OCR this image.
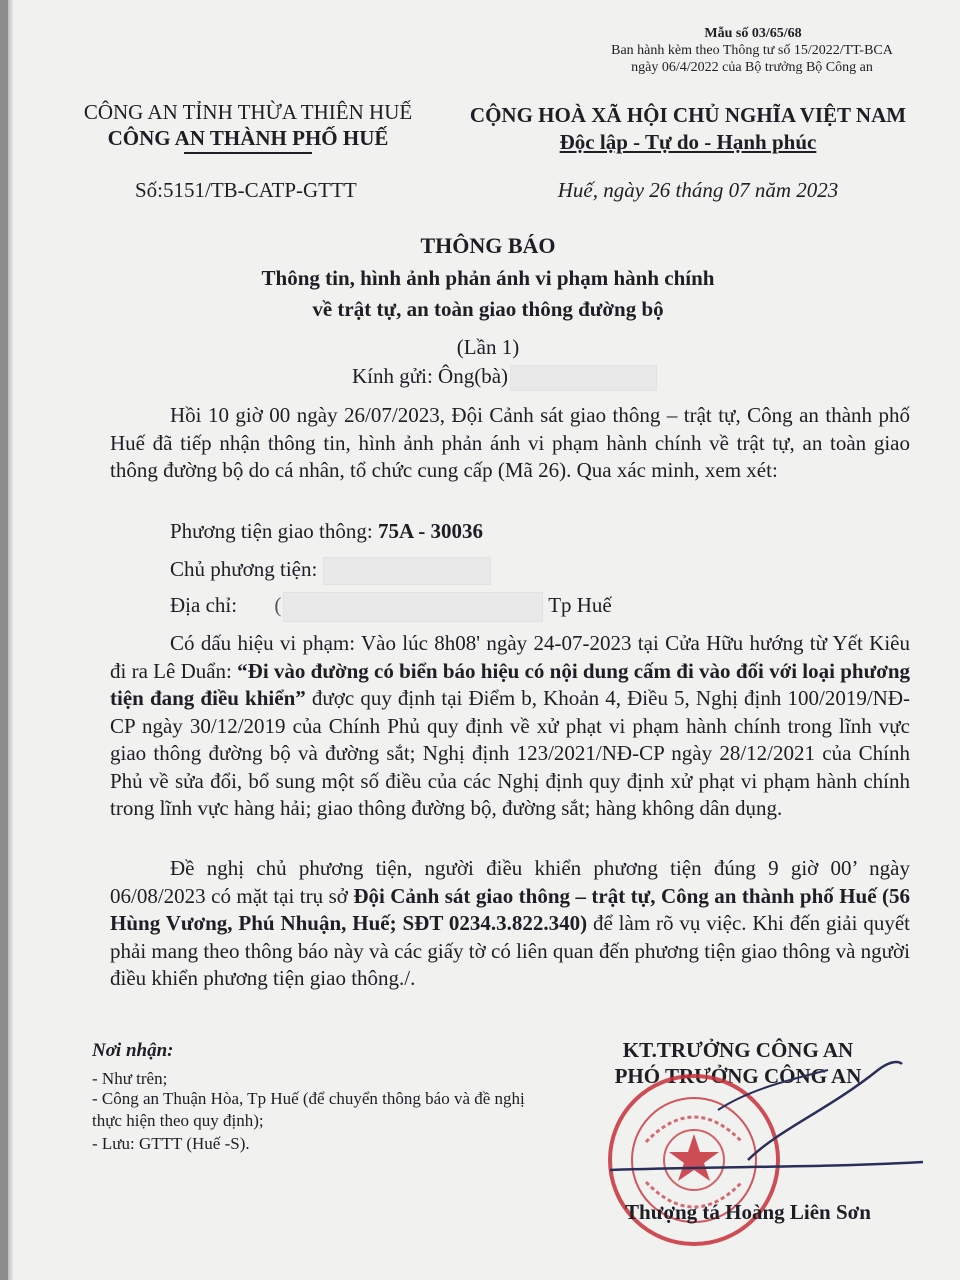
Mẫu số 03/65/68
Ban hành kèm theo Thông tư số 15/2022/TT-BCA
ngày 06/4/2022 của Bộ trưởng Bộ Công an
CÔNG AN TỈNH THỪA THIÊN HUẾ
CÔNG AN THÀNH PHỐ HUẾ
Số:5151/TB-CATP-GTTT
CỘNG HOÀ XÃ HỘI CHỦ NGHĨA VIỆT NAM
Độc lập - Tự do - Hạnh phúc
Huế, ngày 26 tháng 07 năm 2023
THÔNG BÁO
Thông tin, hình ảnh phản ánh vi phạm hành chính
về trật tự, an toàn giao thông đường bộ
(Lần 1)
Kính gửi: Ông(bà)
Hồi 10 giờ 00 ngày 26/07/2023, Đội Cảnh sát giao thông – trật tự, Công an thành phố Huế đã tiếp nhận thông tin, hình ảnh phản ánh vi phạm hành chính về trật tự, an toàn giao thông đường bộ do cá nhân, tổ chức cung cấp (Mã 26). Qua xác minh, xem xét:
Phương tiện giao thông: 75A - 30036
Chủ phương tiện:
Địa chỉ: (	Tp Huế
Có dấu hiệu vi phạm: Vào lúc 8h08' ngày 24-07-2023 tại Cửa Hữu hướng từ Yết Kiêu đi ra Lê Duẩn: “Đi vào đường có biển báo hiệu có nội dung cấm đi vào đối với loại phương tiện đang điều khiển” được quy định tại Điểm b, Khoản 4, Điều 5, Nghị định 100/2019/NĐ-CP ngày 30/12/2019 của Chính Phủ quy định về xử phạt vi phạm hành chính trong lĩnh vực giao thông đường bộ và đường sắt; Nghị định 123/2021/NĐ-CP ngày 28/12/2021 của Chính Phủ về sửa đổi, bổ sung một số điều của các Nghị định quy định xử phạt vi phạm hành chính trong lĩnh vực hàng hải; giao thông đường bộ, đường sắt; hàng không dân dụng.
Đề nghị chủ phương tiện, người điều khiển phương tiện đúng 9 giờ 00’ ngày 06/08/2023 có mặt tại trụ sở Đội Cảnh sát giao thông – trật tự, Công an thành phố Huế (56 Hùng Vương, Phú Nhuận, Huế; SĐT 0234.3.822.340) để làm rõ vụ việc. Khi đến giải quyết phải mang theo thông báo này và các giấy tờ có liên quan đến phương tiện giao thông và người điều khiển phương tiện giao thông./.
Nơi nhận:
- Như trên;
- Công an Thuận Hòa, Tp Huế (để chuyển thông báo và đề nghị thực hiện theo quy định);
- Lưu: GTTT (Huế -S).
KT.TRƯỞNG CÔNG AN
PHÓ TRƯỞNG CÔNG AN
Thượng tá Hoàng Liên Sơn
